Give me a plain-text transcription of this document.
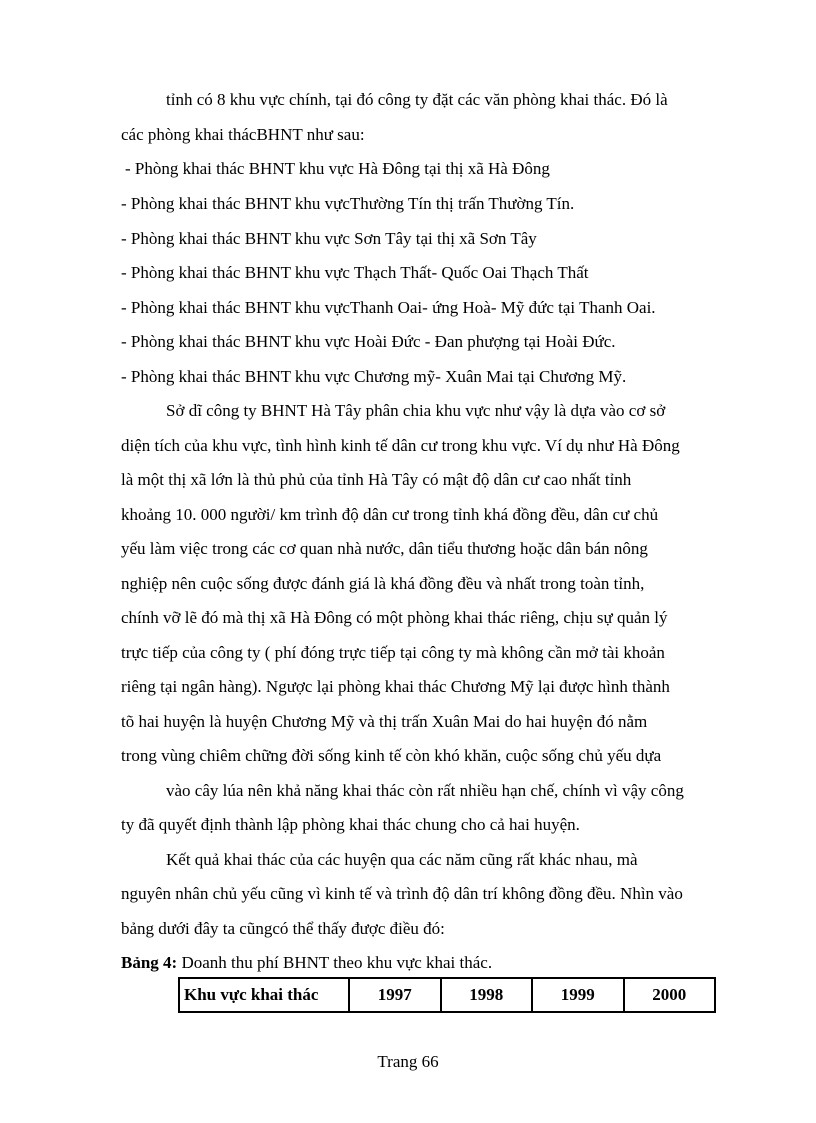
tỉnh có 8 khu vực chính, tại đó công ty đặt các văn phòng khai thác. Đó là
các phòng khai thácBHNT như sau:
- Phòng khai thác BHNT khu vực Hà Đông tại thị xã Hà Đông
- Phòng khai thác BHNT khu vựcThường Tín thị trấn Thường Tín.
- Phòng khai thác BHNT khu vực Sơn Tây tại thị xã Sơn Tây
- Phòng khai thác BHNT khu vực Thạch Thất- Quốc Oai Thạch Thất
- Phòng khai thác BHNT khu vựcThanh Oai- ứng Hoà- Mỹ đức tại Thanh Oai.
- Phòng khai thác BHNT khu vực Hoài Đức - Đan phượng tại Hoài Đức.
- Phòng khai thác BHNT khu vực Chương mỹ- Xuân Mai tại Chương Mỹ.
Sở dĩ công ty BHNT Hà Tây phân chia khu vực như vậy là dựa vào cơ sở
diện tích của khu vực, tình hình kinh tế dân cư trong khu vực. Ví dụ như Hà Đông
là một thị xã lớn là thủ phủ của tỉnh Hà Tây có mật độ dân cư cao nhất tỉnh
khoảng 10. 000 người/ km trình độ dân cư trong tỉnh khá đồng đều, dân cư chủ
yếu làm việc trong các cơ quan nhà nước, dân tiểu thương hoặc dân bán nông
nghiệp nên cuộc sống được đánh giá là khá đồng đều và nhất trong toàn tỉnh,
chính vỡ lẽ đó mà thị xã Hà Đông có một phòng khai thác riêng, chịu sự quản lý
trực tiếp của công ty ( phí đóng trực tiếp tại công ty mà không cần mở tài khoản
riêng tại ngân hàng). Ngược lại phòng khai thác Chương Mỹ lại được hình thành
tõ hai huyện là huyện Chương Mỹ và thị trấn Xuân Mai do hai huyện đó nằm
trong vùng chiêm chững đời sống kinh tế còn khó khăn, cuộc sống chủ yếu dựa
vào cây lúa nên khả năng khai thác còn rất nhiều hạn chế, chính vì vậy công
ty đã quyết định thành lập phòng khai thác chung cho cả hai huyện.
Kết quả khai thác của các huyện qua các năm cũng rất khác nhau, mà
nguyên nhân chủ yếu cũng vì kinh tế và trình độ dân trí không đồng đều. Nhìn vào
bảng dưới đây ta cũngcó thể thấy được điều đó:
Bảng 4: Doanh thu phí BHNT theo khu vực khai thác.
Khu vực khai thác	1997	1998	1999	2000
Trang 66
